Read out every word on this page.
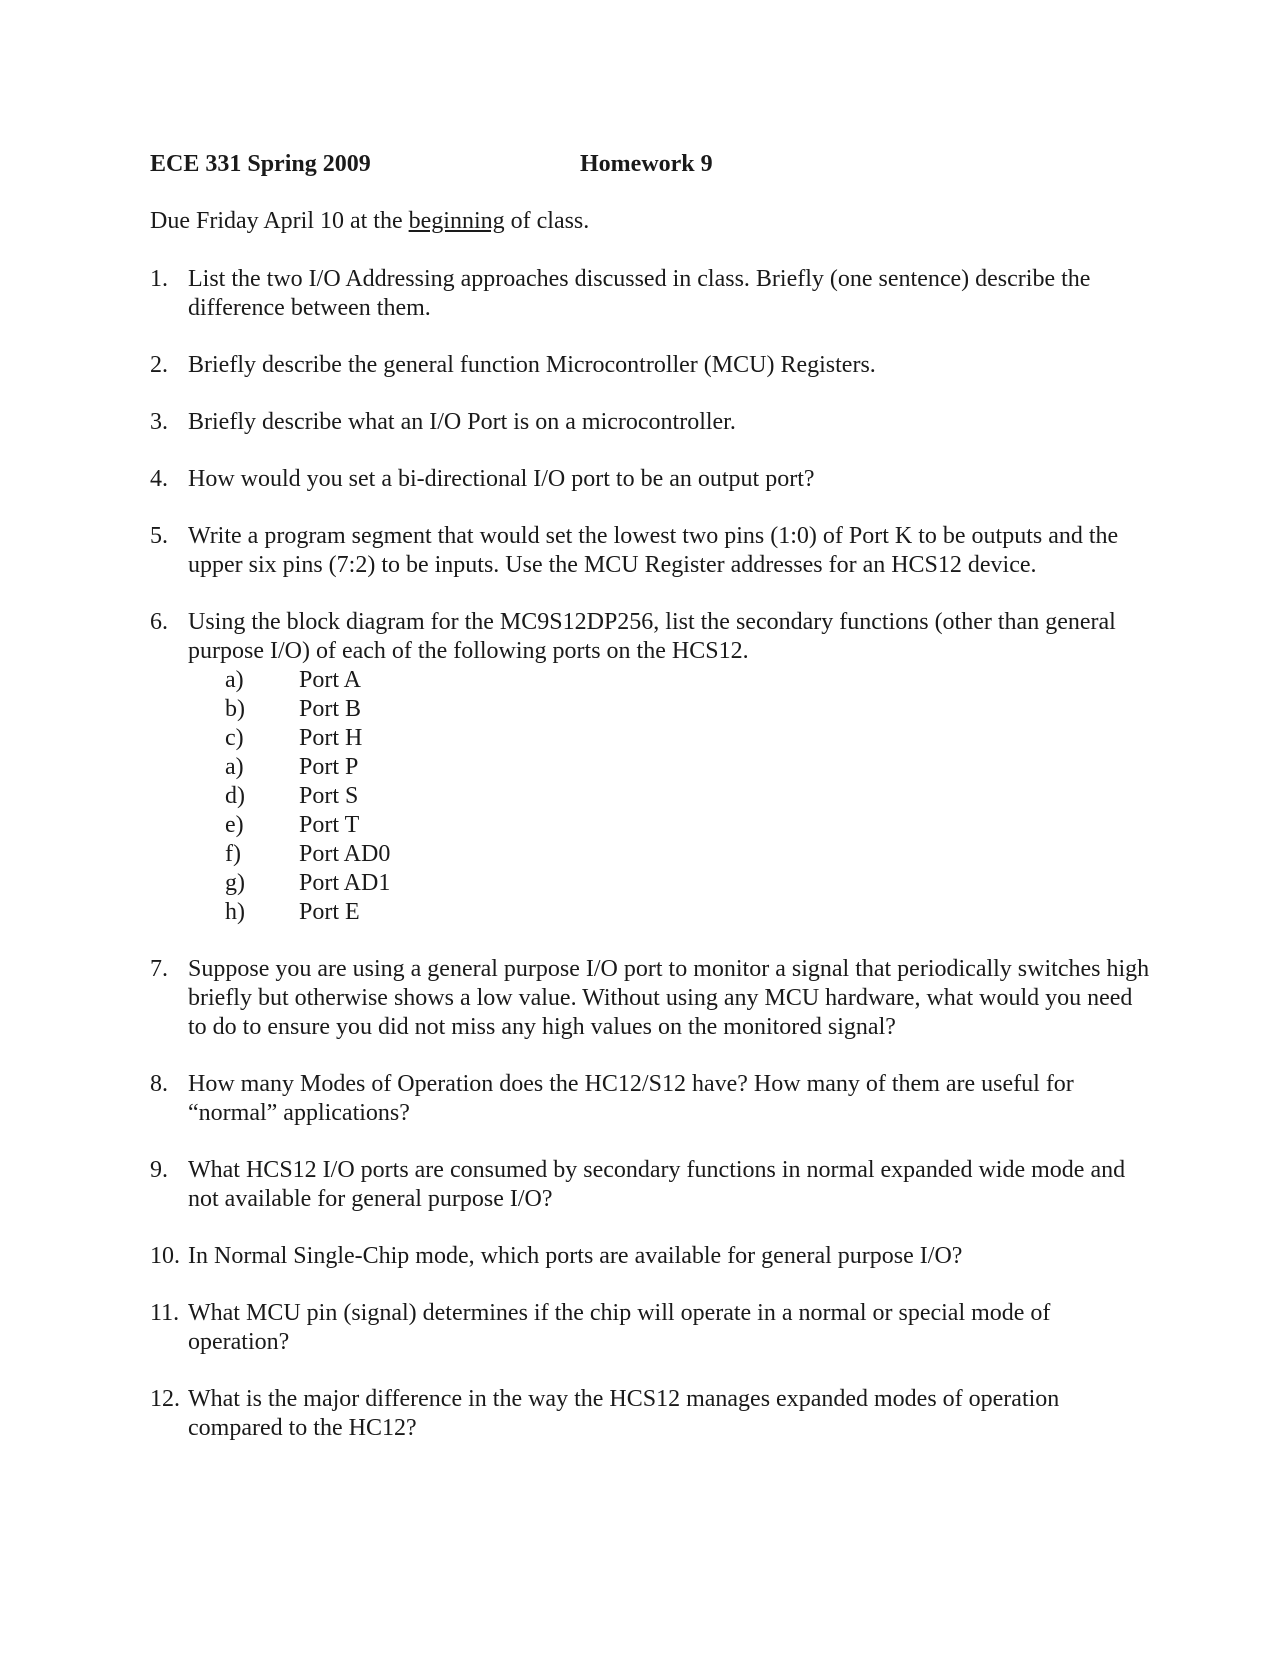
ECE 331 Spring 2009	Homework 9
Due Friday April 10 at the beginning of class.
1. List the two I/O Addressing approaches discussed in class. Briefly (one sentence) describe the difference between them.
2. Briefly describe the general function Microcontroller (MCU) Registers.
3. Briefly describe what an I/O Port is on a microcontroller.
4. How would you set a bi-directional I/O port to be an output port?
5. Write a program segment that would set the lowest two pins (1:0) of Port K to be outputs and the upper six pins (7:2) to be inputs. Use the MCU Register addresses for an HCS12 device.
6. Using the block diagram for the MC9S12DP256, list the secondary functions (other than general purpose I/O) of each of the following ports on the HCS12.
a) Port A
b) Port B
c) Port H
a) Port P
d) Port S
e) Port T
f) Port AD0
g) Port AD1
h) Port E
7. Suppose you are using a general purpose I/O port to monitor a signal that periodically switches high briefly but otherwise shows a low value. Without using any MCU hardware, what would you need to do to ensure you did not miss any high values on the monitored signal?
8. How many Modes of Operation does the HC12/S12 have? How many of them are useful for “normal” applications?
9. What HCS12 I/O ports are consumed by secondary functions in normal expanded wide mode and not available for general purpose I/O?
10. In Normal Single-Chip mode, which ports are available for general purpose I/O?
11. What MCU pin (signal) determines if the chip will operate in a normal or special mode of operation?
12. What is the major difference in the way the HCS12 manages expanded modes of operation compared to the HC12?
